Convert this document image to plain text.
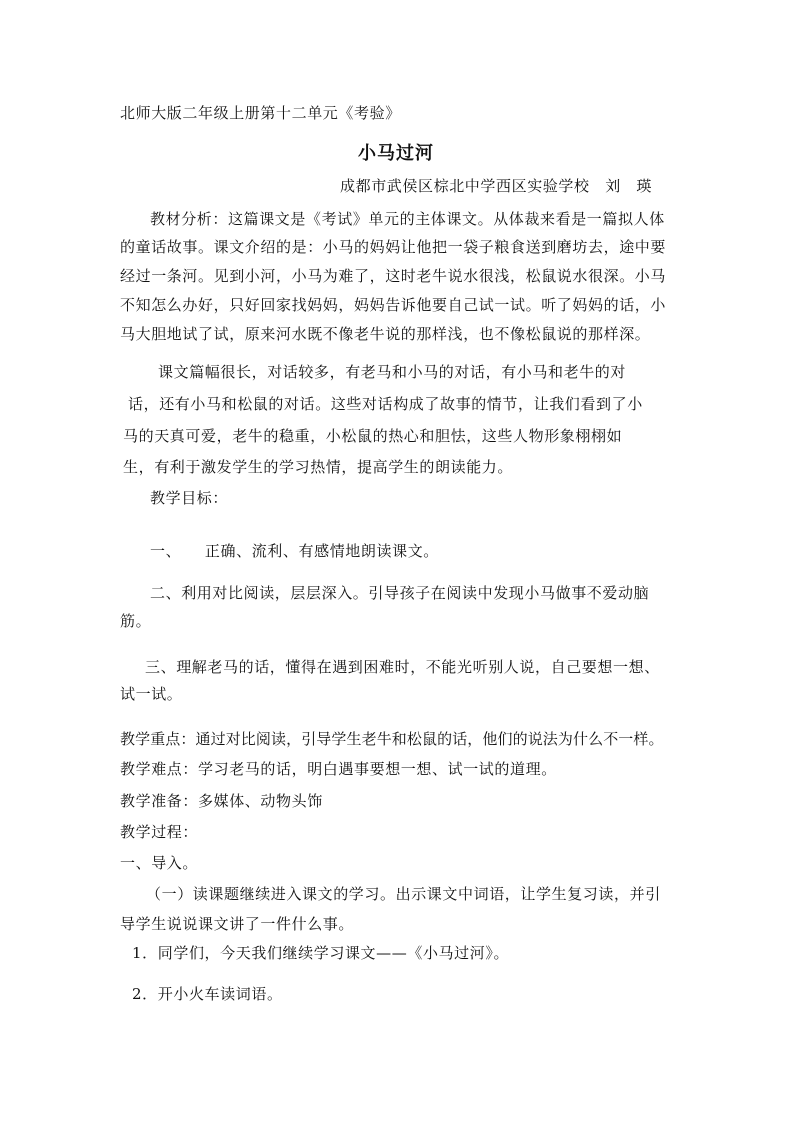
北师大版二年级上册第十二单元《考验》
小马过河
成都市武侯区棕北中学西区实验学校　刘　瑛
教材分析：这篇课文是《考试》单元的主体课文。从体裁来看是一篇拟人体
的童话故事。课文介绍的是：小马的妈妈让他把一袋子粮食送到磨坊去，途中要
经过一条河。见到小河，小马为难了，这时老牛说水很浅，松鼠说水很深。小马
不知怎么办好，只好回家找妈妈，妈妈告诉他要自己试一试。听了妈妈的话，小
马大胆地试了试，原来河水既不像老牛说的那样浅，也不像松鼠说的那样深。
课文篇幅很长，对话较多，有老马和小马的对话，有小马和老牛的对
话，还有小马和松鼠的对话。这些对话构成了故事的情节，让我们看到了小
马的天真可爱，老牛的稳重，小松鼠的热心和胆怯，这些人物形象栩栩如
生，有利于激发学生的学习热情，提高学生的朗读能力。
教学目标：
一、　　正确、流利、有感情地朗读课文。
二、利用对比阅读，层层深入。引导孩子在阅读中发现小马做事不爱动脑
筋。
三、理解老马的话，懂得在遇到困难时，不能光听别人说，自己要想一想、
试一试。
教学重点：通过对比阅读，引导学生老牛和松鼠的话，他们的说法为什么不一样。
教学难点：学习老马的话，明白遇事要想一想、试一试的道理。
教学准备：多媒体、动物头饰
教学过程：
一、导入。
（一）读课题继续进入课文的学习。出示课文中词语，让学生复习读，并引
导学生说说课文讲了一件什么事。
1．同学们，今天我们继续学习课文——《小马过河》。
2．开小火车读词语。
